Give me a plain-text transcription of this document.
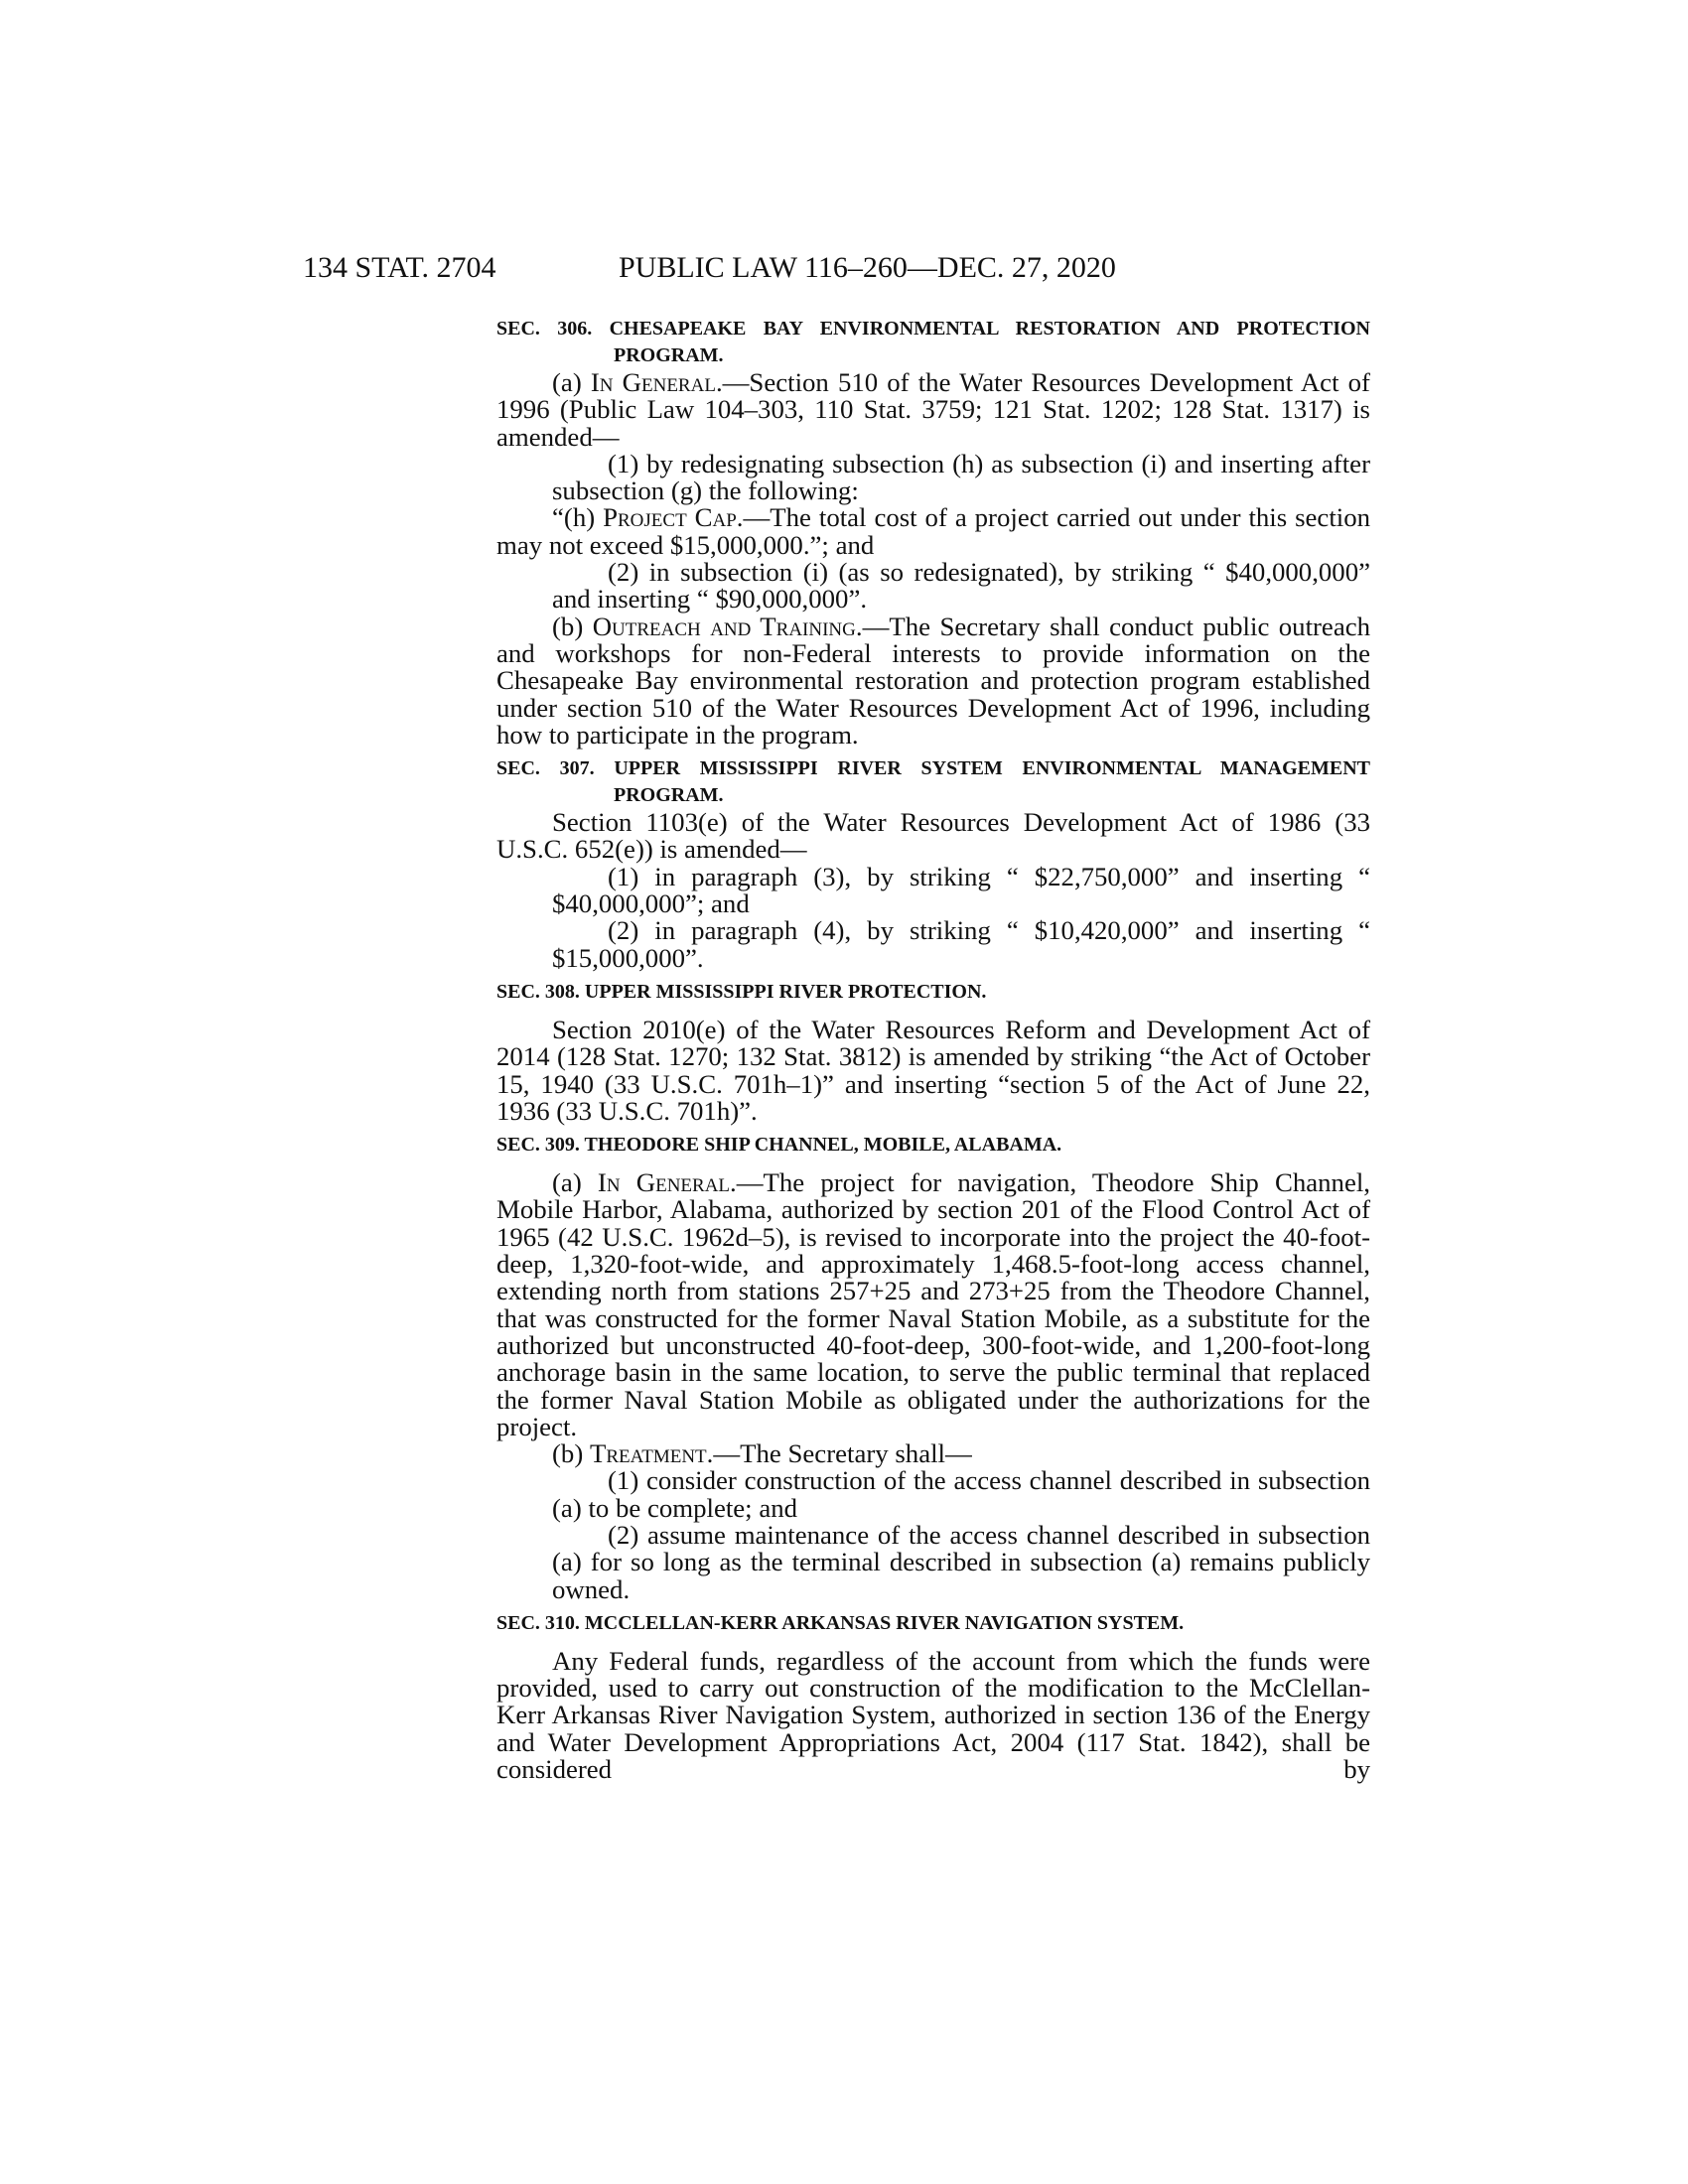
134 STAT. 2704	PUBLIC LAW 116–260—DEC. 27, 2020

SEC. 306. CHESAPEAKE BAY ENVIRONMENTAL RESTORATION AND PROTECTION PROGRAM.

(a) In General.—Section 510 of the Water Resources Development Act of 1996 (Public Law 104–303, 110 Stat. 3759; 121 Stat. 1202; 128 Stat. 1317) is amended—

(1) by redesignating subsection (h) as subsection (i) and inserting after subsection (g) the following:

“(h) Project Cap.—The total cost of a project carried out under this section may not exceed $15,000,000.”; and

(2) in subsection (i) (as so redesignated), by striking “ $40,000,000” and inserting “ $90,000,000”.

(b) Outreach and Training.—The Secretary shall conduct public outreach and workshops for non-Federal interests to provide information on the Chesapeake Bay environmental restoration and protection program established under section 510 of the Water Resources Development Act of 1996, including how to participate in the program.

SEC. 307. UPPER MISSISSIPPI RIVER SYSTEM ENVIRONMENTAL MANAGEMENT PROGRAM.

Section 1103(e) of the Water Resources Development Act of 1986 (33 U.S.C. 652(e)) is amended—

(1) in paragraph (3), by striking “ $22,750,000” and inserting “ $40,000,000”; and

(2) in paragraph (4), by striking “ $10,420,000” and inserting “ $15,000,000”.

SEC. 308. UPPER MISSISSIPPI RIVER PROTECTION.

Section 2010(e) of the Water Resources Reform and Development Act of 2014 (128 Stat. 1270; 132 Stat. 3812) is amended by striking “the Act of October 15, 1940 (33 U.S.C. 701h–1)” and inserting “section 5 of the Act of June 22, 1936 (33 U.S.C. 701h)”.

SEC. 309. THEODORE SHIP CHANNEL, MOBILE, ALABAMA.

(a) In General.—The project for navigation, Theodore Ship Channel, Mobile Harbor, Alabama, authorized by section 201 of the Flood Control Act of 1965 (42 U.S.C. 1962d–5), is revised to incorporate into the project the 40-foot-deep, 1,320-foot-wide, and approximately 1,468.5-foot-long access channel, extending north from stations 257+25 and 273+25 from the Theodore Channel, that was constructed for the former Naval Station Mobile, as a substitute for the authorized but unconstructed 40-foot-deep, 300-foot-wide, and 1,200-foot-long anchorage basin in the same location, to serve the public terminal that replaced the former Naval Station Mobile as obligated under the authorizations for the project.

(b) Treatment.—The Secretary shall—

(1) consider construction of the access channel described in subsection (a) to be complete; and

(2) assume maintenance of the access channel described in subsection (a) for so long as the terminal described in subsection (a) remains publicly owned.

SEC. 310. MCCLELLAN-KERR ARKANSAS RIVER NAVIGATION SYSTEM.

Any Federal funds, regardless of the account from which the funds were provided, used to carry out construction of the modification to the McClellan-Kerr Arkansas River Navigation System, authorized in section 136 of the Energy and Water Development Appropriations Act, 2004 (117 Stat. 1842), shall be considered by
